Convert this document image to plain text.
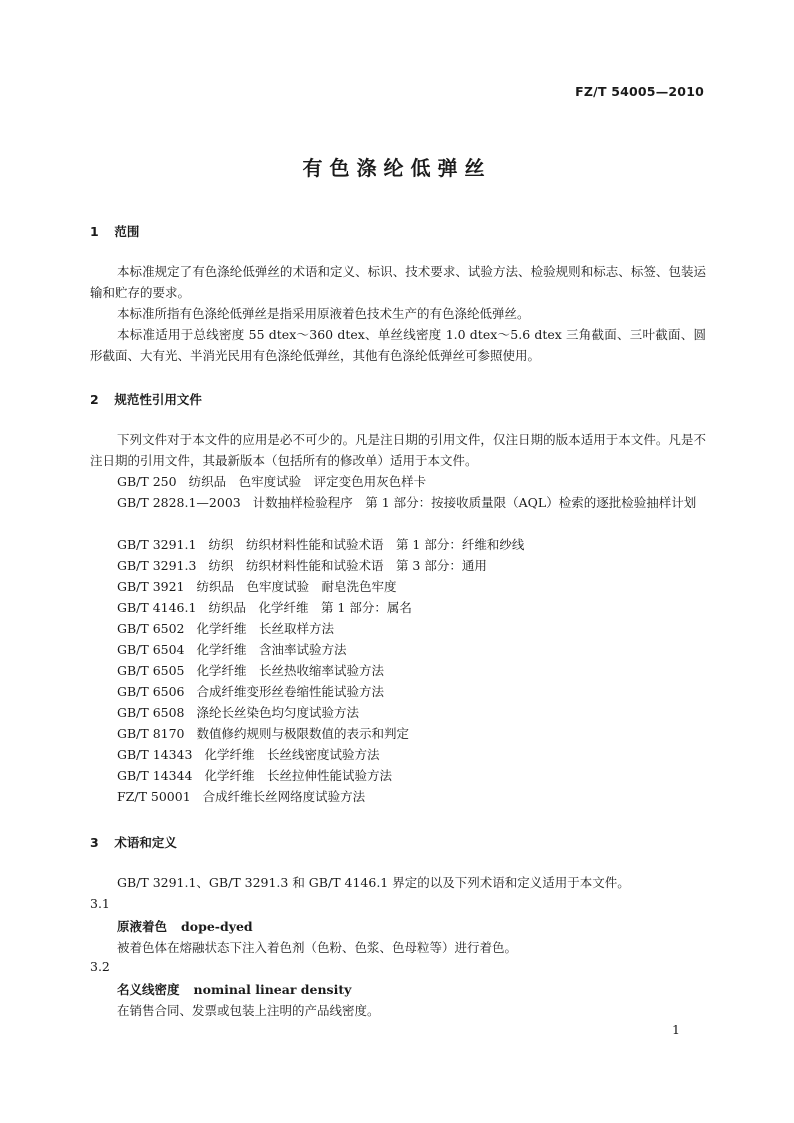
FZ/T 54005—2010
有色涤纶低弹丝
1 范围
本标准规定了有色涤纶低弹丝的术语和定义、标识、技术要求、试验方法、检验规则和标志、标签、包装运输和贮存的要求。
本标准所指有色涤纶低弹丝是指采用原液着色技术生产的有色涤纶低弹丝。
本标准适用于总线密度 55 dtex～360 dtex、单丝线密度 1.0 dtex～5.6 dtex 三角截面、三叶截面、圆形截面、大有光、半消光民用有色涤纶低弹丝，其他有色涤纶低弹丝可参照使用。
2 规范性引用文件
下列文件对于本文件的应用是必不可少的。凡是注日期的引用文件，仅注日期的版本适用于本文件。凡是不注日期的引用文件，其最新版本（包括所有的修改单）适用于本文件。
GB/T 250 纺织品　色牢度试验　评定变色用灰色样卡
GB/T 2828.1—2003 计数抽样检验程序　第 1 部分：按接收质量限（AQL）检索的逐批检验抽样计划
GB/T 3291.1 纺织　纺织材料性能和试验术语　第 1 部分：纤维和纱线
GB/T 3291.3 纺织　纺织材料性能和试验术语　第 3 部分：通用
GB/T 3921 纺织品　色牢度试验　耐皂洗色牢度
GB/T 4146.1 纺织品　化学纤维　第 1 部分：属名
GB/T 6502 化学纤维　长丝取样方法
GB/T 6504 化学纤维　含油率试验方法
GB/T 6505 化学纤维　长丝热收缩率试验方法
GB/T 6506 合成纤维变形丝卷缩性能试验方法
GB/T 6508 涤纶长丝染色均匀度试验方法
GB/T 8170 数值修约规则与极限数值的表示和判定
GB/T 14343 化学纤维　长丝线密度试验方法
GB/T 14344 化学纤维　长丝拉伸性能试验方法
FZ/T 50001 合成纤维长丝网络度试验方法
3 术语和定义
GB/T 3291.1、GB/T 3291.3 和 GB/T 4146.1 界定的以及下列术语和定义适用于本文件。
3.1
原液着色 dope-dyed
被着色体在熔融状态下注入着色剂（色粉、色浆、色母粒等）进行着色。
3.2
名义线密度 nominal linear density
在销售合同、发票或包装上注明的产品线密度。
1
